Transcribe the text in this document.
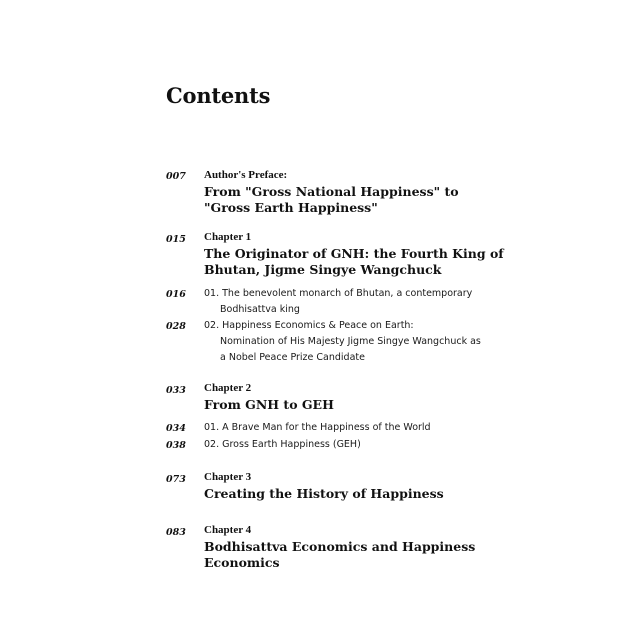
Contents
007 Author's Preface:
From "Gross National Happiness" to
"Gross Earth Happiness"
015 Chapter 1
The Originator of GNH: the Fourth King of
Bhutan, Jigme Singye Wangchuck
016 01. The benevolent monarch of Bhutan, a contemporary
Bodhisattva king
028 02. Happiness Economics & Peace on Earth:
Nomination of His Majesty Jigme Singye Wangchuck as
a Nobel Peace Prize Candidate
033 Chapter 2
From GNH to GEH
034 01. A Brave Man for the Happiness of the World
038 02. Gross Earth Happiness (GEH)
073 Chapter 3
Creating the History of Happiness
083 Chapter 4
Bodhisattva Economics and Happiness
Economics
